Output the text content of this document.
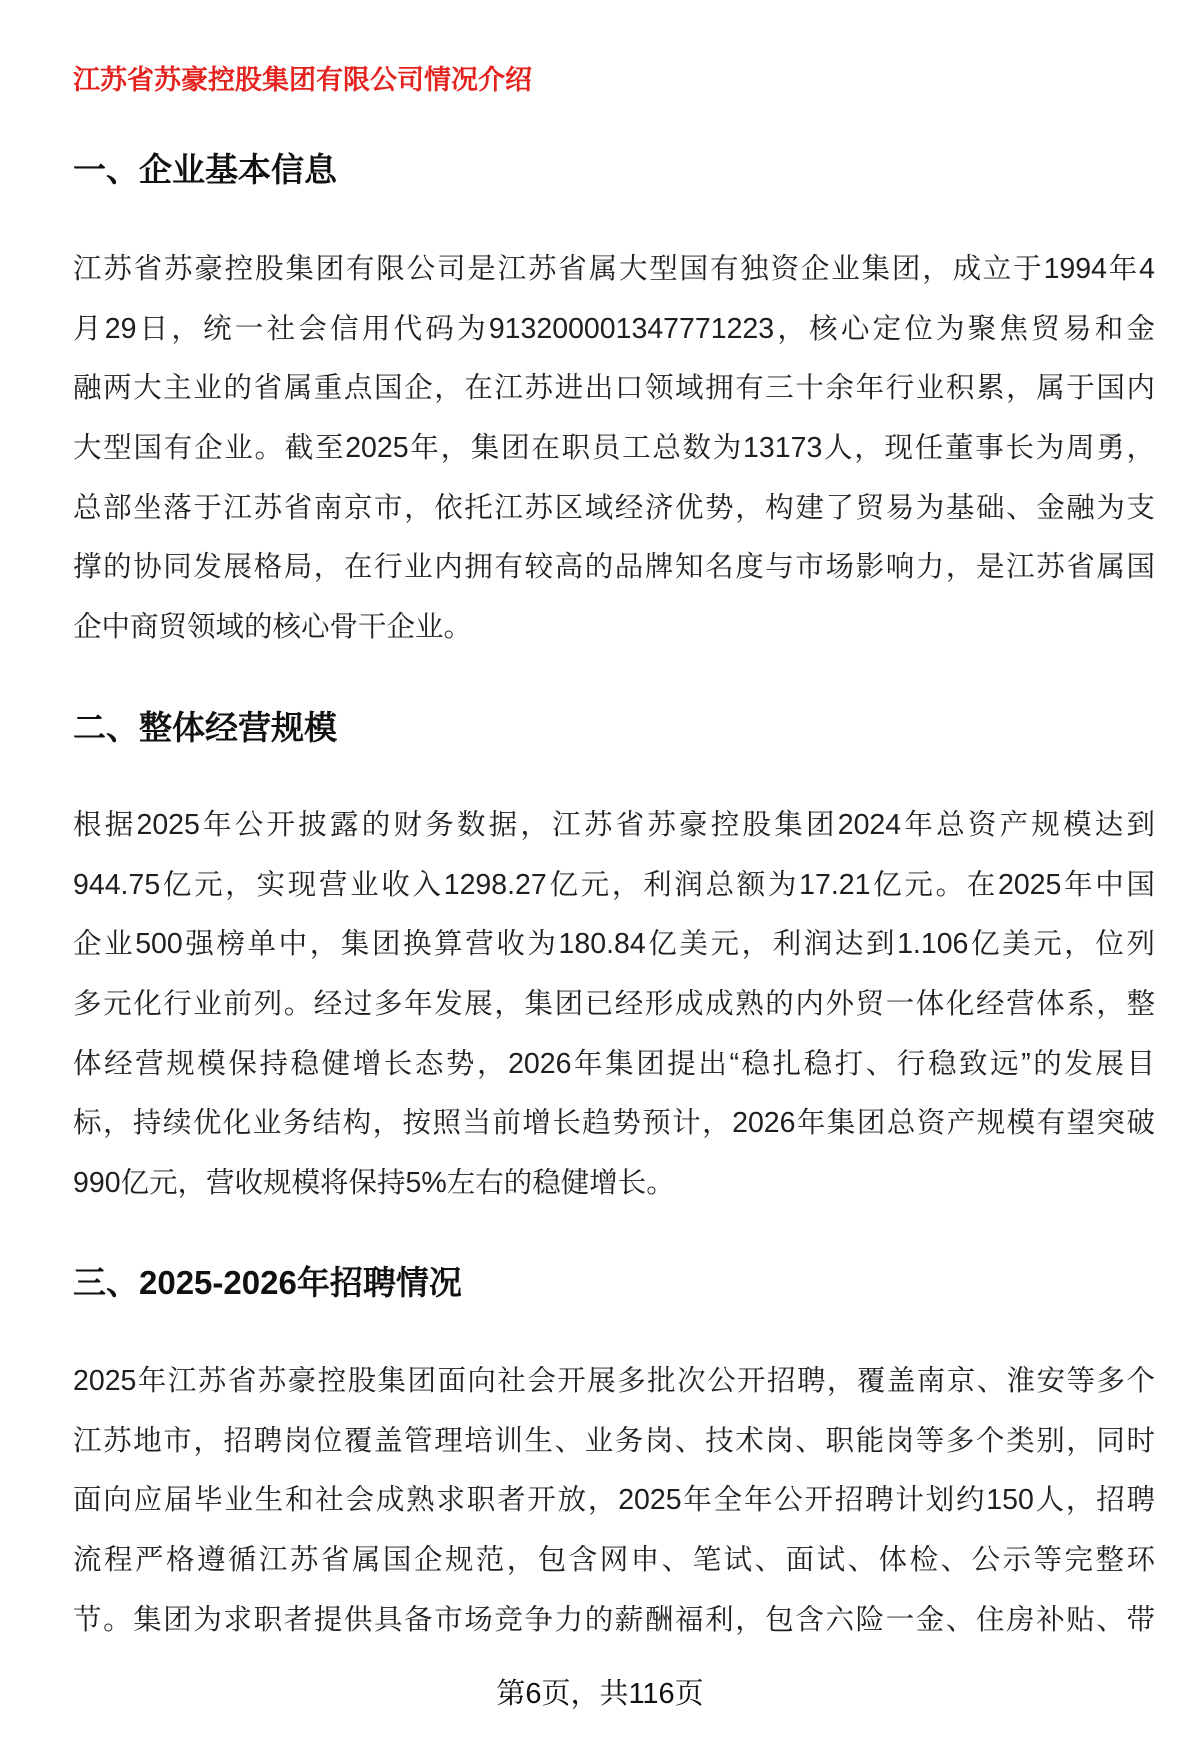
江苏省苏豪控股集团有限公司情况介绍
一、企业基本信息
江苏省苏豪控股集团有限公司是江苏省属大型国有独资企业集团，成立于1994年4
月29日，统一社会信用代码为913200001347771223，核心定位为聚焦贸易和金
融两大主业的省属重点国企，在江苏进出口领域拥有三十余年行业积累，属于国内
大型国有企业。截至2025年，集团在职员工总数为13173人，现任董事长为周勇，
总部坐落于江苏省南京市，依托江苏区域经济优势，构建了贸易为基础、金融为支
撑的协同发展格局，在行业内拥有较高的品牌知名度与市场影响力，是江苏省属国
企中商贸领域的核心骨干企业。
二、整体经营规模
根据2025年公开披露的财务数据，江苏省苏豪控股集团2024年总资产规模达到
944.75亿元，实现营业收入1298.27亿元，利润总额为17.21亿元。在2025年中国
企业500强榜单中，集团换算营收为180.84亿美元，利润达到1.106亿美元，位列
多元化行业前列。经过多年发展，集团已经形成成熟的内外贸一体化经营体系，整
体经营规模保持稳健增长态势，2026年集团提出“稳扎稳打、行稳致远”的发展目
标，持续优化业务结构，按照当前增长趋势预计，2026年集团总资产规模有望突破
990亿元，营收规模将保持5%左右的稳健增长。
三、2025-2026年招聘情况
2025年江苏省苏豪控股集团面向社会开展多批次公开招聘，覆盖南京、淮安等多个
江苏地市，招聘岗位覆盖管理培训生、业务岗、技术岗、职能岗等多个类别，同时
面向应届毕业生和社会成熟求职者开放，2025年全年公开招聘计划约150人，招聘
流程严格遵循江苏省属国企规范，包含网申、笔试、面试、体检、公示等完整环
节。集团为求职者提供具备市场竞争力的薪酬福利，包含六险一金、住房补贴、带
第6页，共116页
